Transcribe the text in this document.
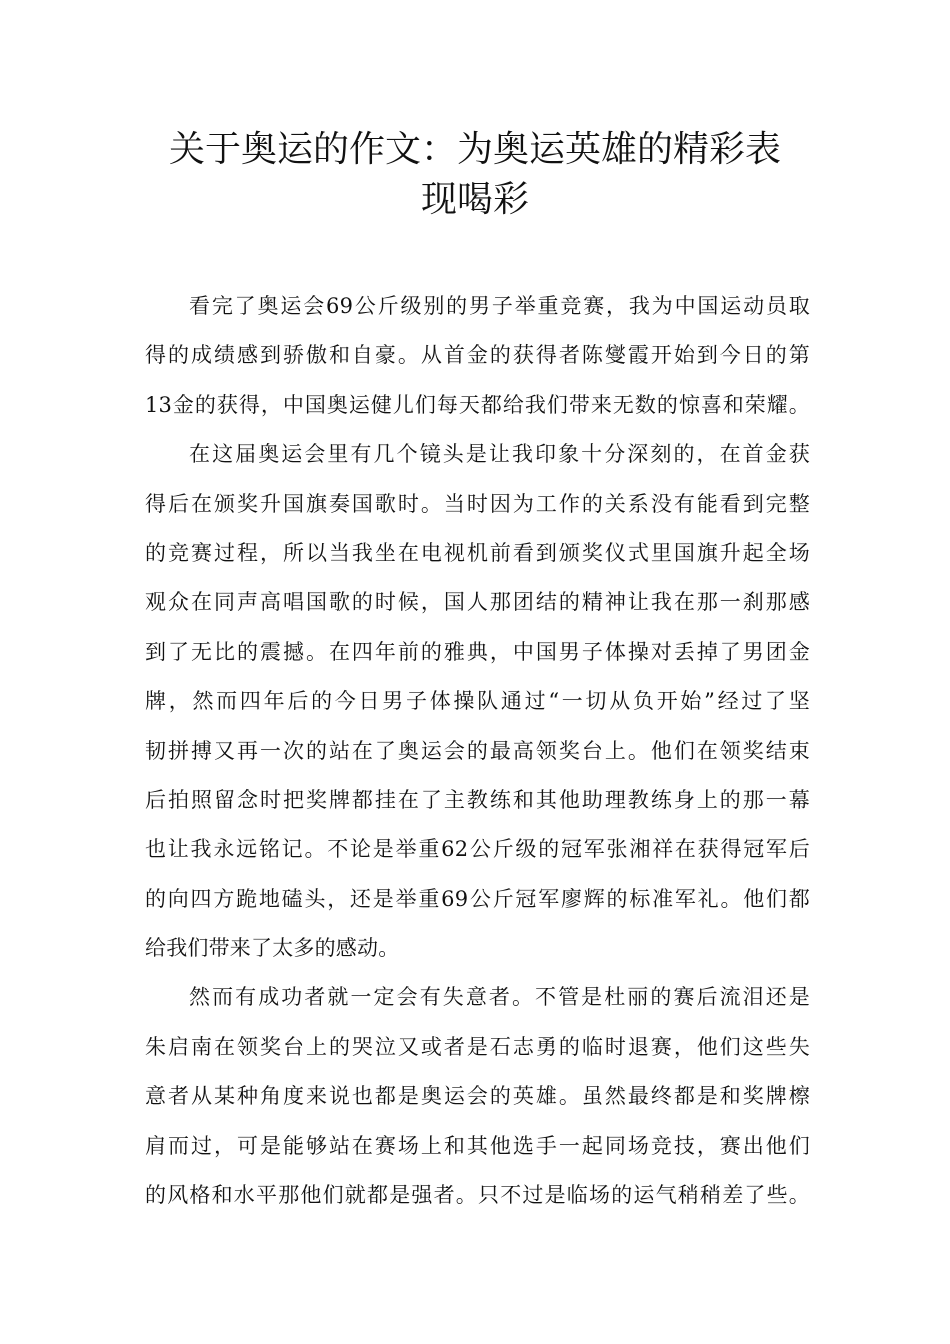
关于奥运的作文：为奥运英雄的精彩表
现喝彩
看完了奥运会69公斤级别的男子举重竞赛，我为中国运动员取
得的成绩感到骄傲和自豪。从首金的获得者陈燮霞开始到今日的第
13金的获得，中国奥运健儿们每天都给我们带来无数的惊喜和荣耀。
在这届奥运会里有几个镜头是让我印象十分深刻的，在首金获
得后在颁奖升国旗奏国歌时。当时因为工作的关系没有能看到完整
的竞赛过程，所以当我坐在电视机前看到颁奖仪式里国旗升起全场
观众在同声高唱国歌的时候，国人那团结的精神让我在那一刹那感
到了无比的震撼。在四年前的雅典，中国男子体操对丢掉了男团金
牌，然而四年后的今日男子体操队通过“一切从负开始”经过了坚
韧拼搏又再一次的站在了奥运会的最高领奖台上。他们在领奖结束
后拍照留念时把奖牌都挂在了主教练和其他助理教练身上的那一幕
也让我永远铭记。不论是举重62公斤级的冠军张湘祥在获得冠军后
的向四方跪地磕头，还是举重69公斤冠军廖辉的标准军礼。他们都
给我们带来了太多的感动。
然而有成功者就一定会有失意者。不管是杜丽的赛后流泪还是
朱启南在领奖台上的哭泣又或者是石志勇的临时退赛，他们这些失
意者从某种角度来说也都是奥运会的英雄。虽然最终都是和奖牌檫
肩而过，可是能够站在赛场上和其他选手一起同场竞技，赛出他们
的风格和水平那他们就都是强者。只不过是临场的运气稍稍差了些。
